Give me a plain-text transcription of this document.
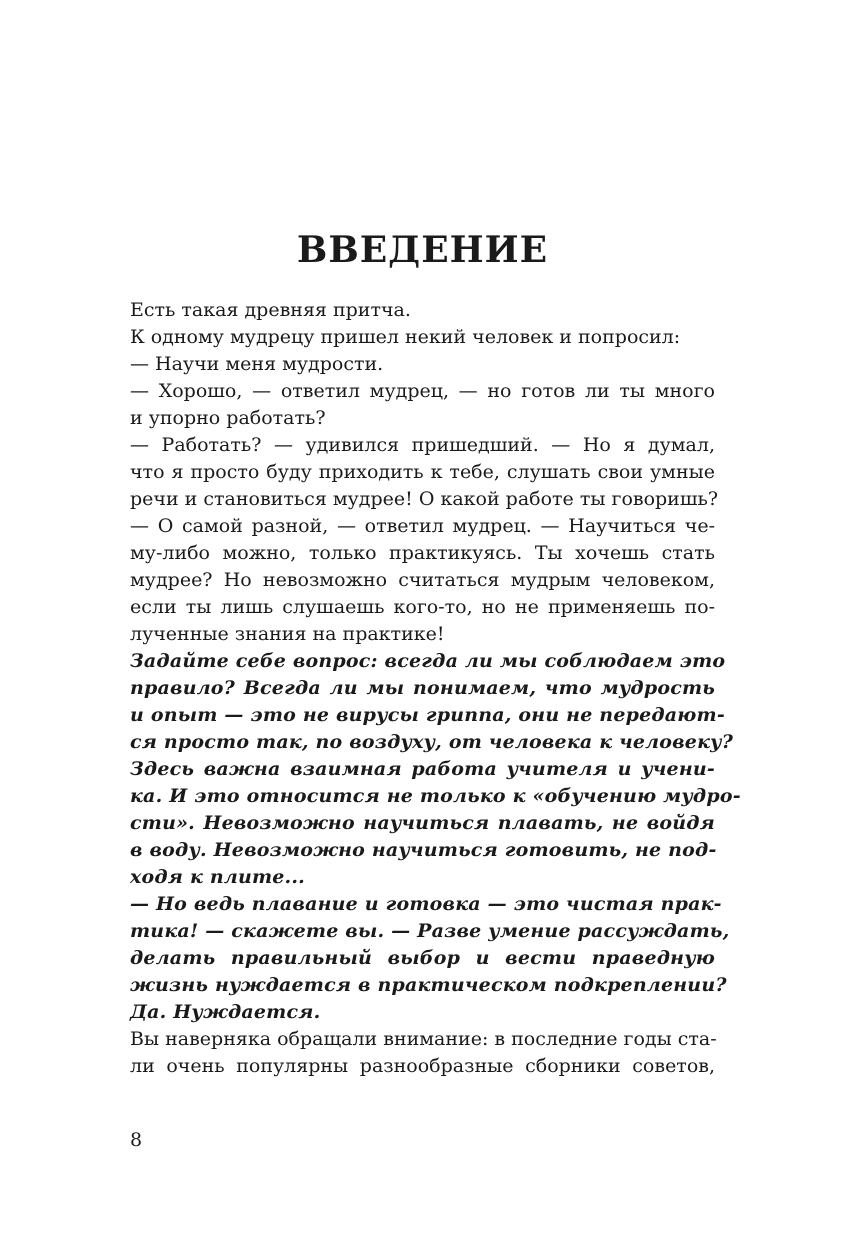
ВВЕДЕНИЕ
Есть такая древняя притча.
К одному мудрецу пришел некий человек и попросил:
— Научи меня мудрости.
— Хорошо, — ответил мудрец, — но готов ли ты много
и упорно работать?
— Работать? — удивился пришедший. — Но я думал,
что я просто буду приходить к тебе, слушать свои умные
речи и становиться мудрее! О какой работе ты говоришь?
— О самой разной, — ответил мудрец. — Научиться че-
му-либо можно, только практикуясь. Ты хочешь стать
мудрее? Но невозможно считаться мудрым человеком,
если ты лишь слушаешь кого-то, но не применяешь по-
лученные знания на практике!
Задайте себе вопрос: всегда ли мы соблюдаем это
правило? Всегда ли мы понимаем, что мудрость
и опыт — это не вирусы гриппа, они не передают-
ся просто так, по воздуху, от человека к человеку?
Здесь важна взаимная работа учителя и учени-
ка. И это относится не только к «обучению мудро-
сти». Невозможно научиться плавать, не войдя
в воду. Невозможно научиться готовить, не под-
ходя к плите...
— Но ведь плавание и готовка — это чистая прак-
тика! — скажете вы. — Разве умение рассуждать,
делать правильный выбор и вести праведную
жизнь нуждается в практическом подкреплении?
Да. Нуждается.
Вы наверняка обращали внимание: в последние годы ста-
ли очень популярны разнообразные сборники советов,
8
